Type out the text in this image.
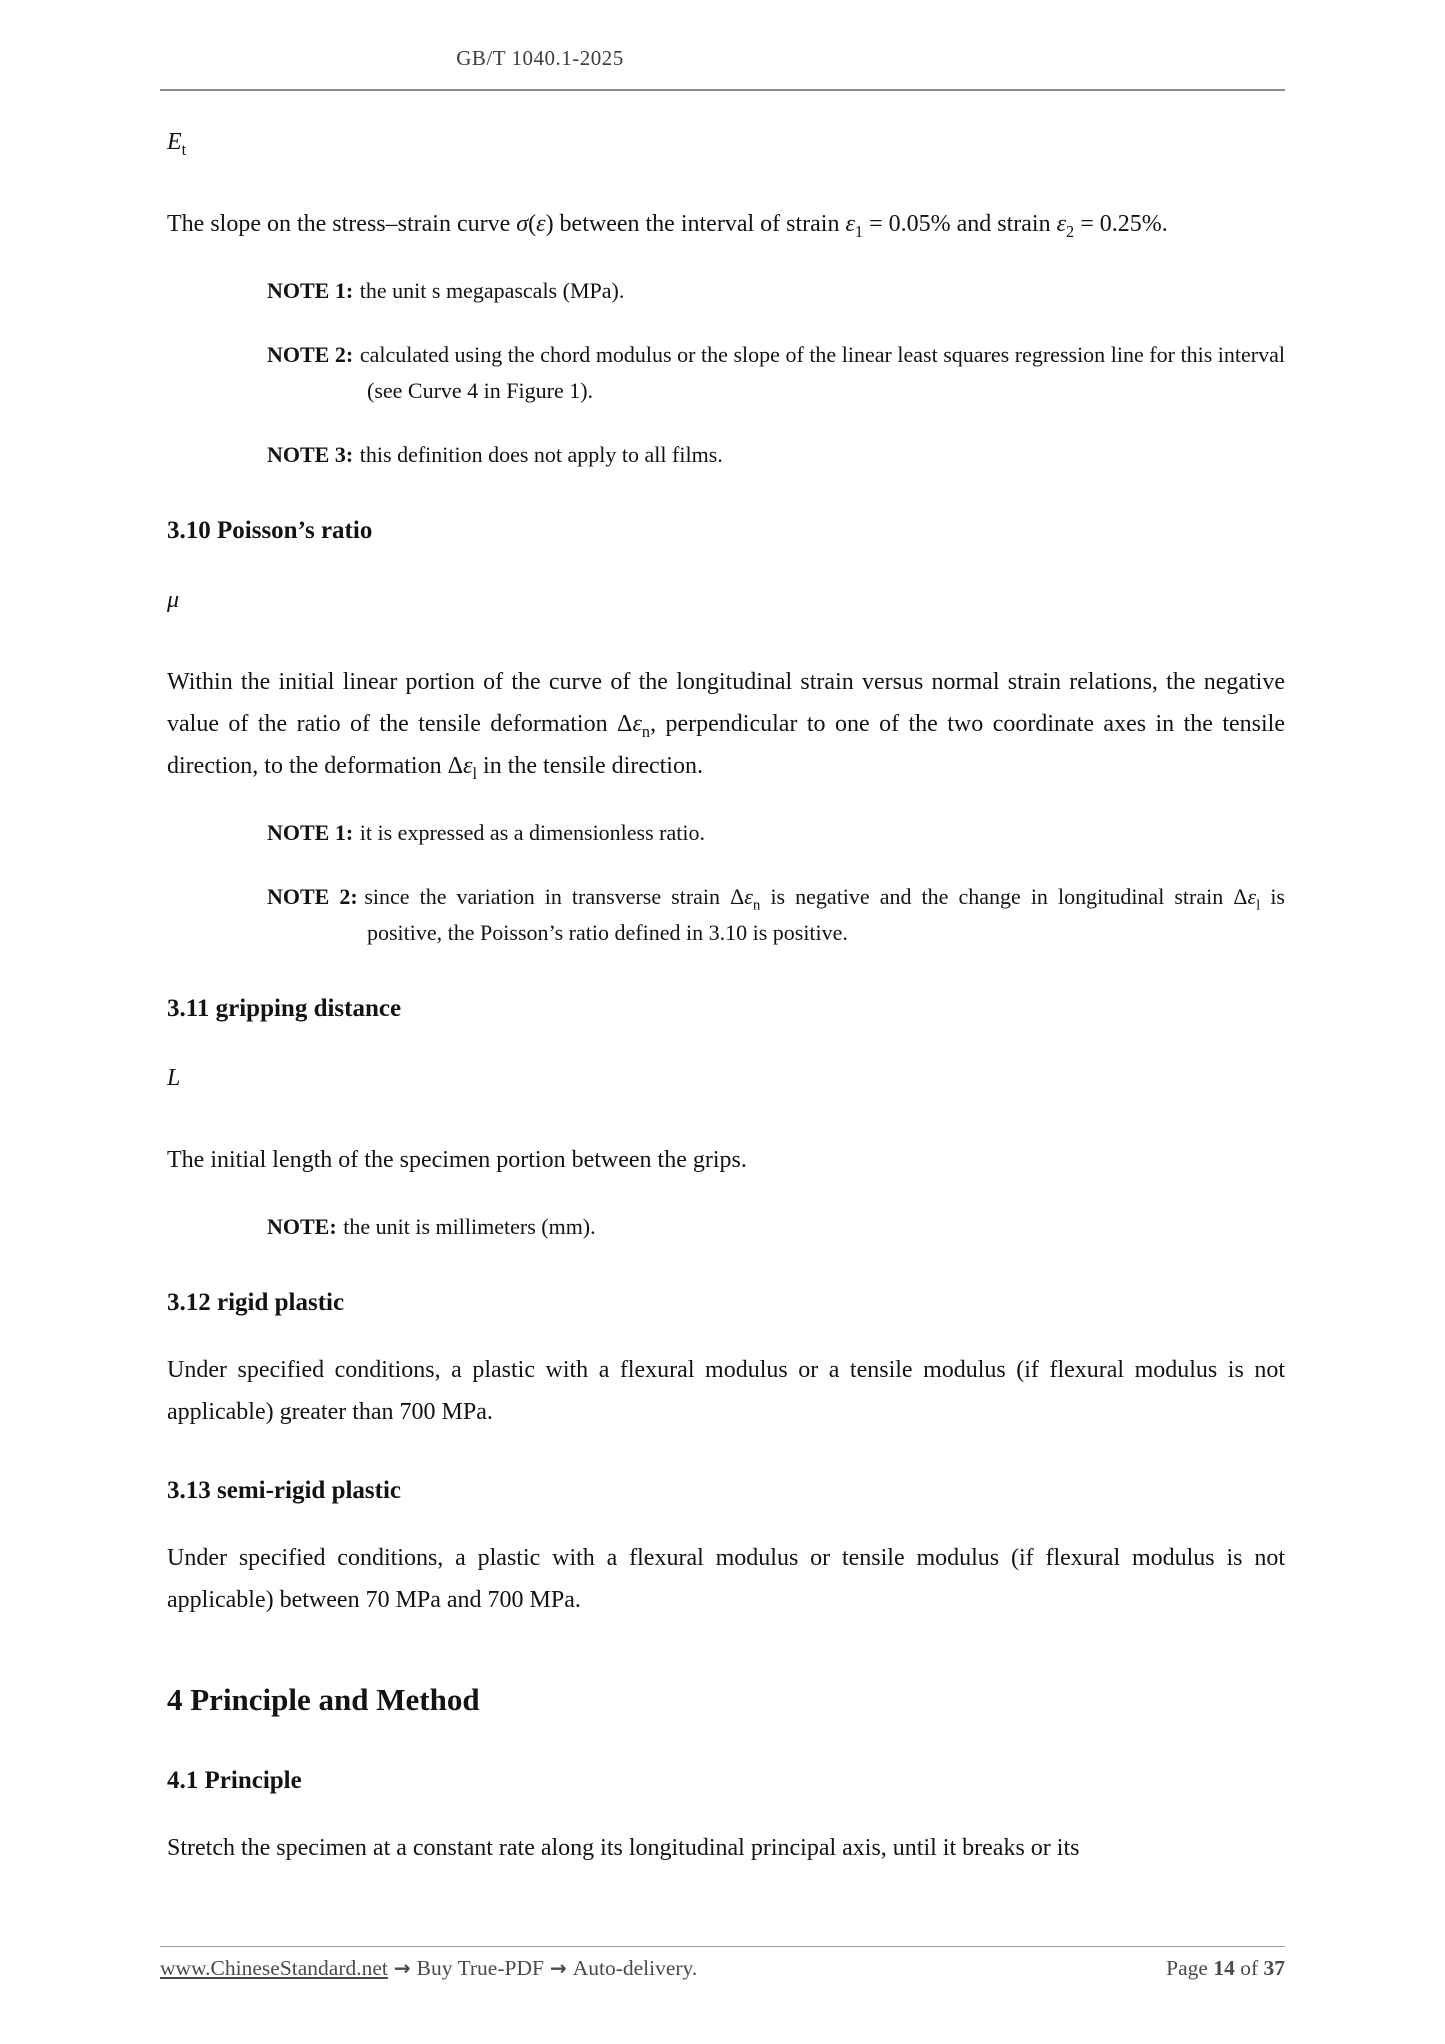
GB/T 1040.1-2025

$E_t$

The slope on the stress–strain curve σ(ε) between the interval of strain $\varepsilon_1 = 0.05\%$ and strain $\varepsilon_2 = 0.25\%$.

NOTE 1: the unit s megapascals (MPa).
NOTE 2: calculated using the chord modulus or the slope of the linear least squares regression line for this interval (see Curve 4 in Figure 1).
NOTE 3: this definition does not apply to all films.
3.10 Poisson’s ratio

μ

Within the initial linear portion of the curve of the longitudinal strain versus normal strain relations, the negative value of the ratio of the tensile deformation $\Delta\varepsilon_n$, perpendicular to one of the two coordinate axes in the tensile direction, to the deformation $\Delta\varepsilon_l$ in the tensile direction.

NOTE 1: it is expressed as a dimensionless ratio.
NOTE 2: since the variation in transverse strain $\Delta\varepsilon_n$ is negative and the change in longitudinal strain $\Delta\varepsilon_l$ is positive, the Poisson’s ratio defined in 3.10 is positive.
3.11 gripping distance

L

The initial length of the specimen portion between the grips.

NOTE: the unit is millimeters (mm).
3.12 rigid plastic

Under specified conditions, a plastic with a flexural modulus or a tensile modulus (if flexural modulus is not applicable) greater than 700 MPa.

3.13 semi-rigid plastic

Under specified conditions, a plastic with a flexural modulus or tensile modulus (if flexural modulus is not applicable) between 70 MPa and 700 MPa.

4 Principle and Method
4.1 Principle

Stretch the specimen at a constant rate along its longitudinal principal axis, until it breaks or its

www.ChineseStandard.net → Buy True-PDF → Auto-delivery.	Page 14 of 37
